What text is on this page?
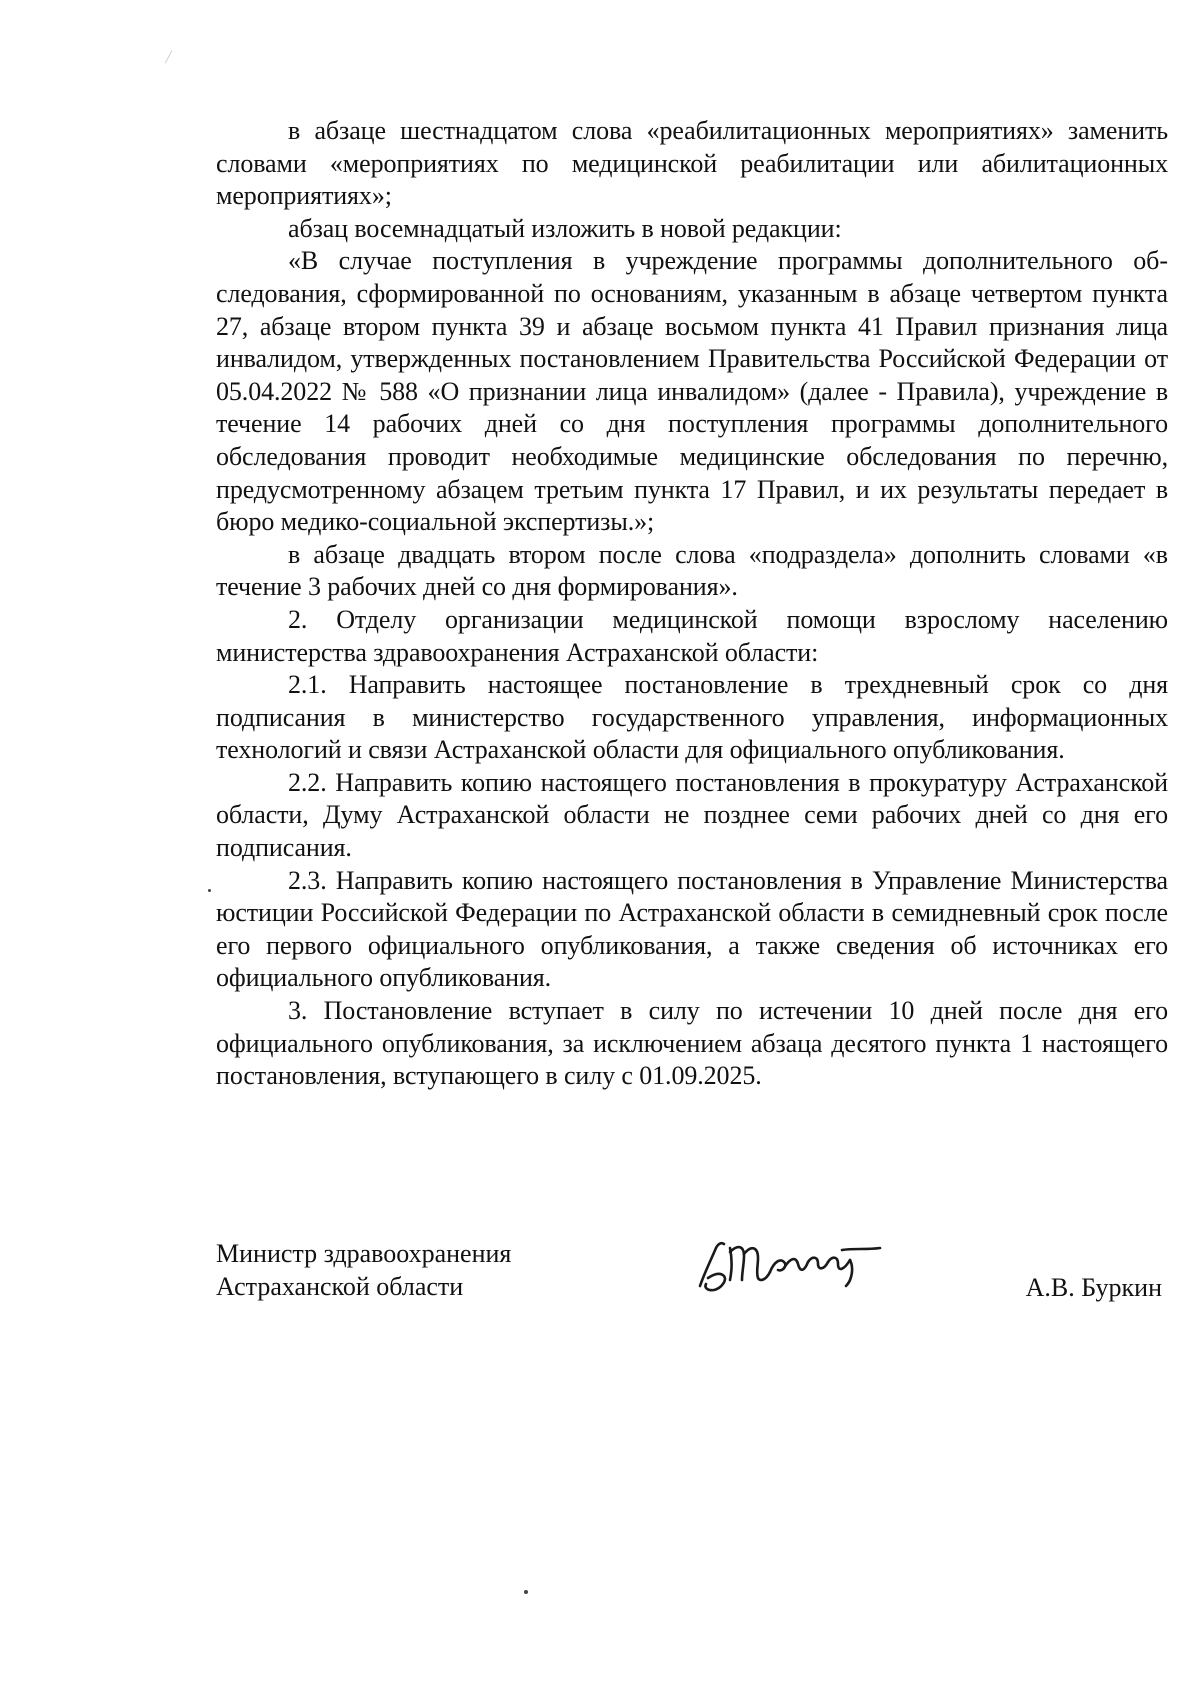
в абзаце шестнадцатом слова «реабилитационных мероприятиях» заменить словами «мероприятиях по медицинской реабилитации или абилитационных мероприятиях»;

абзац восемнадцатый изложить в новой редакции:

«В случае поступления в учреждение программы дополнительного обследования, сформированной по основаниям, указанным в абзаце четвертом пункта 27, абзаце втором пункта 39 и абзаце восьмом пункта 41 Правил признания лица инвалидом, утвержденных постановлением Правительства Российской Федерации от 05.04.2022 № 588 «О признании лица инвалидом» (далее - Правила), учреждение в течение 14 рабочих дней со дня поступления программы дополнительного обследования проводит необходимые медицинские обследования по перечню, предусмотренному абзацем третьим пункта 17 Правил, и их результаты передает в бюро медико-социальной экспертизы.»;

в абзаце двадцать втором после слова «подраздела» дополнить словами «в течение 3 рабочих дней со дня формирования».

2. Отделу организации медицинской помощи взрослому населению министерства здравоохранения Астраханской области:

2.1. Направить настоящее постановление в трехдневный срок со дня подписания в министерство государственного управления, информационных технологий и связи Астраханской области для официального опубликования.

2.2. Направить копию настоящего постановления в прокуратуру Астраханской области, Думу Астраханской области не позднее семи рабочих дней со дня его подписания.

2.3. Направить копию настоящего постановления в Управление Министерства юстиции Российской Федерации по Астраханской области в семидневный срок после его первого официального опубликования, а также сведения об источниках его официального опубликования.

3. Постановление вступает в силу по истечении 10 дней после дня его официального опубликования, за исключением абзаца десятого пункта 1 настоящего постановления, вступающего в силу с 01.09.2025.

Министр здравоохранения
Астраханской области	А.В. Буркин
